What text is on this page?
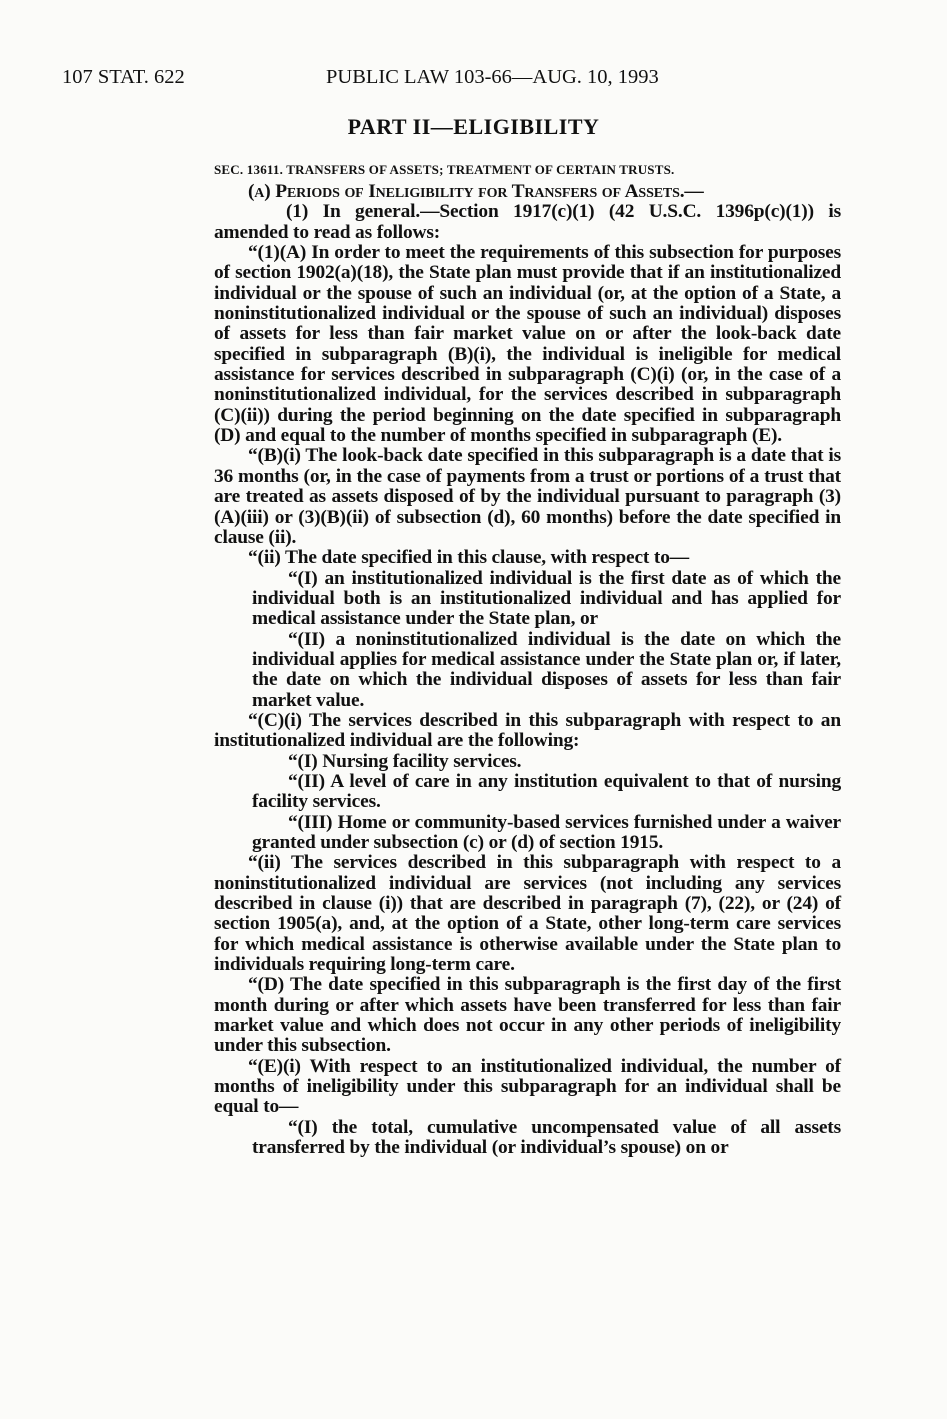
107 STAT. 622	PUBLIC LAW 103-66—AUG. 10, 1993
PART II—ELIGIBILITY
SEC. 13611. TRANSFERS OF ASSETS; TREATMENT OF CERTAIN TRUSTS.

(a) Periods of Ineligibility for Transfers of Assets.—

(1) In general.—Section 1917(c)(1) (42 U.S.C. 1396p(c)(1)) is amended to read as follows:

“(1)(A) In order to meet the requirements of this subsection for purposes of section 1902(a)(18), the State plan must provide that if an institutionalized individual or the spouse of such an individual (or, at the option of a State, a noninstitutionalized individual or the spouse of such an individual) disposes of assets for less than fair market value on or after the look-back date specified in subparagraph (B)(i), the individual is ineligible for medical assistance for services described in subparagraph (C)(i) (or, in the case of a noninstitutionalized individual, for the services described in subparagraph (C)(ii)) during the period beginning on the date specified in subparagraph (D) and equal to the number of months specified in subparagraph (E).

“(B)(i) The look-back date specified in this subparagraph is a date that is 36 months (or, in the case of payments from a trust or portions of a trust that are treated as assets disposed of by the individual pursuant to paragraph (3)(A)(iii) or (3)(B)(ii) of subsection (d), 60 months) before the date specified in clause (ii).

“(ii) The date specified in this clause, with respect to—

“(I) an institutionalized individual is the first date as of which the individual both is an institutionalized individual and has applied for medical assistance under the State plan, or

“(II) a noninstitutionalized individual is the date on which the individual applies for medical assistance under the State plan or, if later, the date on which the individual disposes of assets for less than fair market value.

“(C)(i) The services described in this subparagraph with respect to an institutionalized individual are the following:

“(I) Nursing facility services.

“(II) A level of care in any institution equivalent to that of nursing facility services.

“(III) Home or community-based services furnished under a waiver granted under subsection (c) or (d) of section 1915.

“(ii) The services described in this subparagraph with respect to a noninstitutionalized individual are services (not including any services described in clause (i)) that are described in paragraph (7), (22), or (24) of section 1905(a), and, at the option of a State, other long-term care services for which medical assistance is otherwise available under the State plan to individuals requiring long-term care.

“(D) The date specified in this subparagraph is the first day of the first month during or after which assets have been transferred for less than fair market value and which does not occur in any other periods of ineligibility under this subsection.

“(E)(i) With respect to an institutionalized individual, the number of months of ineligibility under this subparagraph for an individual shall be equal to—

“(I) the total, cumulative uncompensated value of all assets transferred by the individual (or individual’s spouse) on or
